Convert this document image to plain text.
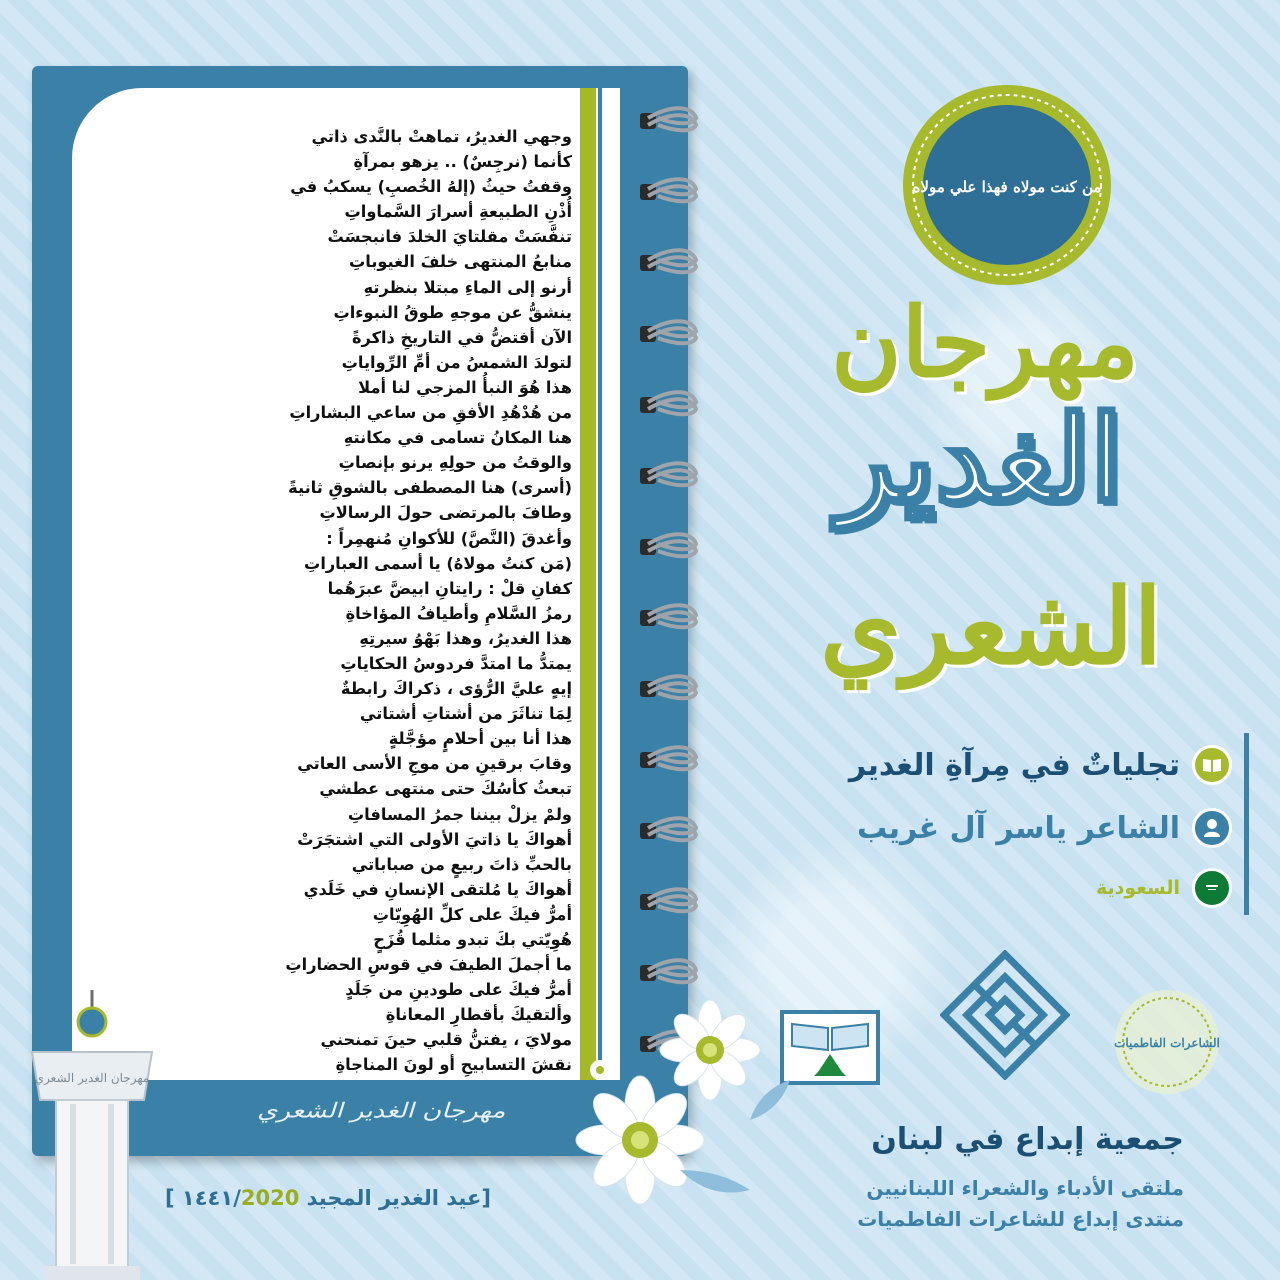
وجهي الغديرُ، تماهتْ بالنَّدى ذاتي
كأنما (نرجِسٌ) .. يزهو بمرآةِ
وقفتُ حيثُ (إلهُ الخُصبِ) يسكبُ في
أُذْنِ الطبيعةِ أسرارَ السَّماواتِ
تنفَّسَتْ مقلتايَ الخلدَ فانبجسَتْ
منابعُ المنتهى خلفَ الغيوباتِ
أرنو إلى الماءِ مبتلا بنظرتهِ
ينشقُّ عن موجهِ طوقُ النبوءاتِ
الآن أفتضُّ في التاريخِ ذاكرةً
لتولدَ الشمسُ من أمِّ الرِّواياتِ
هذا هُوَ النبأُ المزجي لنا أملا
من هُدْهُدِ الأفقِ من ساعي البشاراتِ
هنا المكانُ تسامى في مكانتهِ
والوقتُ من حولِهِ يرنو بإنصاتِ
(أسرى) هنا المصطفى بالشوقِ ثانيةً
وطافَ بالمرتضى حولَ الرسالاتِ
وأغدقَ (النَّصَّ) للأكوانِ مُنهمِراً :
(مَن كنتُ مولاهُ) يا أسمى العباراتِ
كفانِ قلْ : رايتانِ ابيضَّ عبرَهُما
رمزُ السَّلامِ وأطيافُ المؤاخاةِ
هذا الغديرُ، وهذا بَهْوُ سيرتِهِ
يمتدُّ ما امتدَّ فردوسُ الحكاياتِ
إيهٍ عليَّ الرُّؤى ، ذكراكَ رابطةٌ
لِمَا تناثَرَ من أشتاتِ أشتاتي
هذا أنا بين أحلامٍ مؤجَّلةٍ
وقابَ برقينِ من موجِ الأسى العاتي
تبعثُ كأسُكَ حتى منتهى عطشي
ولمْ يزلْ بيننا جمرُ المسافاتِ
أهواكَ يا ذاتيَ الأولى التي اشتجَرَتْ
بالحبِّ ذاتَ ربيعٍ من صباباتي
أهواكَ يا مُلتقى الإنسانِ في خَلَدي
أمرُّ فيكَ على كلِّ الهُوِيّاتِ
هُوِيّتي بكَ تبدو مثلما قُزَحٍ
ما أجملَ الطيفَ في قوسِ الحضاراتِ
أمرُّ فيكَ على طودينِ من جَلَدٍ
وألتقيكَ بأقطارِ المعاناةِ
مولايَ ، يفتنُّ قلبي حينَ تمنحني
نقشَ التسابيحِ أو لونَ المناجاةِ
مهرجان الغدير الشعري
مهرجان الغدير الشعري
[عيد الغدير المجيد ١٤٤١/2020 ]
من كنت مولاه فهذا علي مولاه
مهرجان
الغدير
الشعري
تجلياتٌ في مِرآةِ الغدير
الشاعر ياسر آل غريب
السعودية
الشاعرات الفاطميات
جمعية إبداع في لبنان
ملتقى الأدباء والشعراء اللبنانيين
منتدى إبداع للشاعرات الفاطميات
